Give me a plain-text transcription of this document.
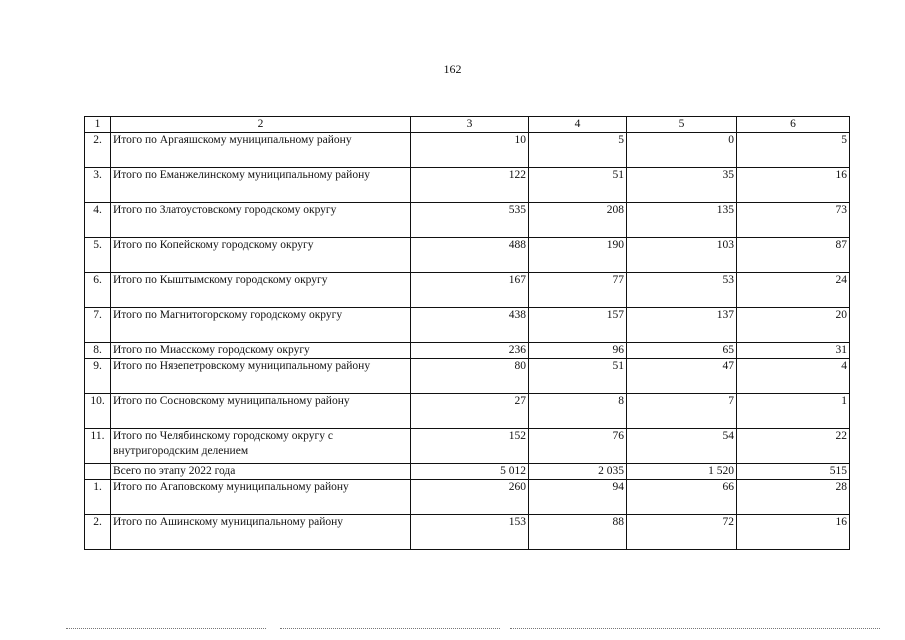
162
1	2	3	4	5	6
2.	Итого по Аргаяшскому муниципальному району	10	5	0	5
3.	Итого по Еманжелинскому муниципальному району	122	51	35	16
4.	Итого по Златоустовскому городскому округу	535	208	135	73
5.	Итого по Копейскому городскому округу	488	190	103	87
6.	Итого по Кыштымскому городскому округу	167	77	53	24
7.	Итого по Магнитогорскому городскому округу	438	157	137	20
8.	Итого по Миасскому городскому округу	236	96	65	31
9.	Итого по Нязепетровскому муниципальному району	80	51	47	4
10.	Итого по Сосновскому муниципальному району	27	8	7	1
11.	Итого по Челябинскому городскому округу с внутригородским делением	152	76	54	22
	Всего по этапу 2022 года	5 012	2 035	1 520	515
1.	Итого по Агаповскому муниципальному району	260	94	66	28
2.	Итого по Ашинскому муниципальному району	153	88	72	16
